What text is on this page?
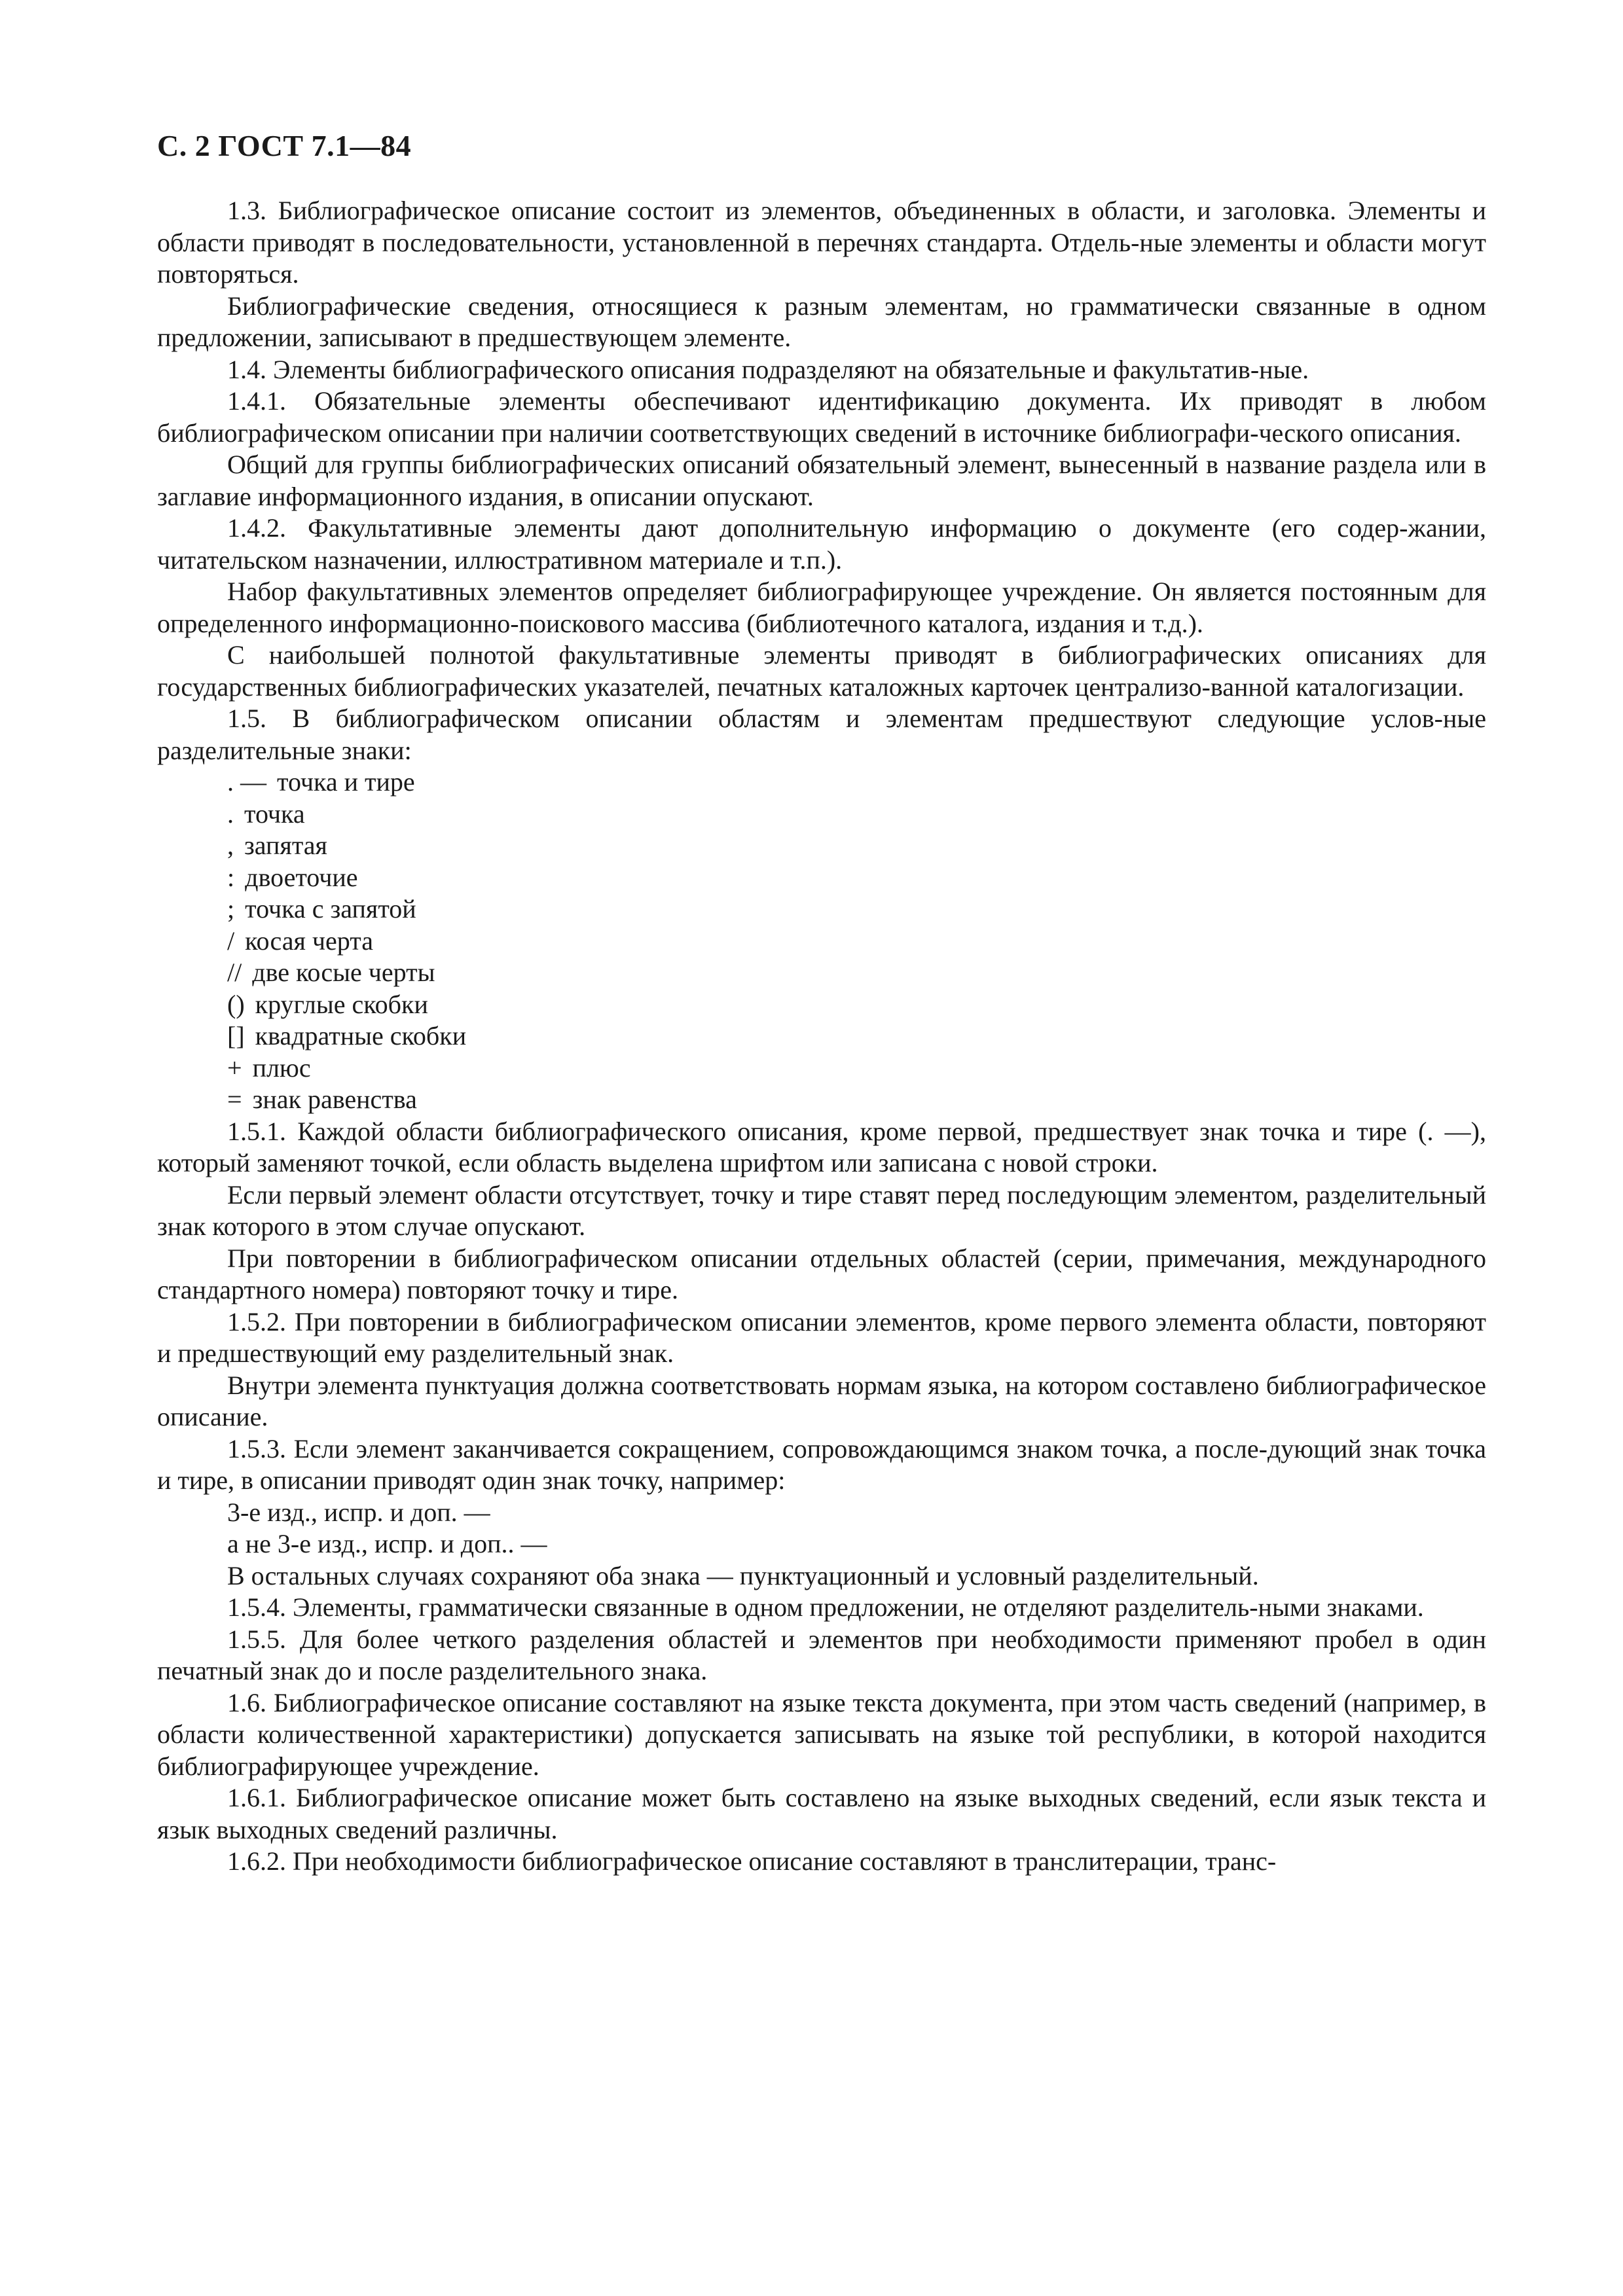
С. 2 ГОСТ 7.1—84

1.3. Библиографическое описание состоит из элементов, объединенных в области, и заголовка. Элементы и области приводят в последовательности, установленной в перечнях стандарта. Отдель-ные элементы и области могут повторяться.

Библиографические сведения, относящиеся к разным элементам, но грамматически связанные в одном предложении, записывают в предшествующем элементе.

1.4. Элементы библиографического описания подразделяют на обязательные и факультатив-ные.

1.4.1. Обязательные элементы обеспечивают идентификацию документа. Их приводят в любом библиографическом описании при наличии соответствующих сведений в источнике библиографи-ческого описания.

Общий для группы библиографических описаний обязательный элемент, вынесенный в название раздела или в заглавие информационного издания, в описании опускают.

1.4.2. Факультативные элементы дают дополнительную информацию о документе (его содер-жании, читательском назначении, иллюстративном материале и т.п.).

Набор факультативных элементов определяет библиографирующее учреждение. Он является постоянным для определенного информационно-поискового массива (библиотечного каталога, издания и т.д.).

С наибольшей полнотой факультативные элементы приводят в библиографических описаниях для государственных библиографических указателей, печатных каталожных карточек централизо-ванной каталогизации.

1.5. В библиографическом описании областям и элементам предшествуют следующие услов-ные разделительные знаки:

. — точка и тире
. точка
, запятая
: двоеточие
; точка с запятой
/ косая черта
// две косые черты
() круглые скобки
[] квадратные скобки
+ плюс
= знак равенства

1.5.1. Каждой области библиографического описания, кроме первой, предшествует знак точка и тире (. —), который заменяют точкой, если область выделена шрифтом или записана с новой строки.

Если первый элемент области отсутствует, точку и тире ставят перед последующим элементом, разделительный знак которого в этом случае опускают.

При повторении в библиографическом описании отдельных областей (серии, примечания, международного стандартного номера) повторяют точку и тире.

1.5.2. При повторении в библиографическом описании элементов, кроме первого элемента области, повторяют и предшествующий ему разделительный знак.

Внутри элемента пунктуация должна соответствовать нормам языка, на котором составлено библиографическое описание.

1.5.3. Если элемент заканчивается сокращением, сопровождающимся знаком точка, а после-дующий знак точка и тире, в описании приводят один знак точку, например:

3-е изд., испр. и доп. —

а не 3-е изд., испр. и доп.. —

В остальных случаях сохраняют оба знака — пунктуационный и условный разделительный.

1.5.4. Элементы, грамматически связанные в одном предложении, не отделяют разделитель-ными знаками.

1.5.5. Для более четкого разделения областей и элементов при необходимости применяют пробел в один печатный знак до и после разделительного знака.

1.6. Библиографическое описание составляют на языке текста документа, при этом часть сведений (например, в области количественной характеристики) допускается записывать на языке той республики, в которой находится библиографирующее учреждение.

1.6.1. Библиографическое описание может быть составлено на языке выходных сведений, если язык текста и язык выходных сведений различны.

1.6.2. При необходимости библиографическое описание составляют в транслитерации, транс-
